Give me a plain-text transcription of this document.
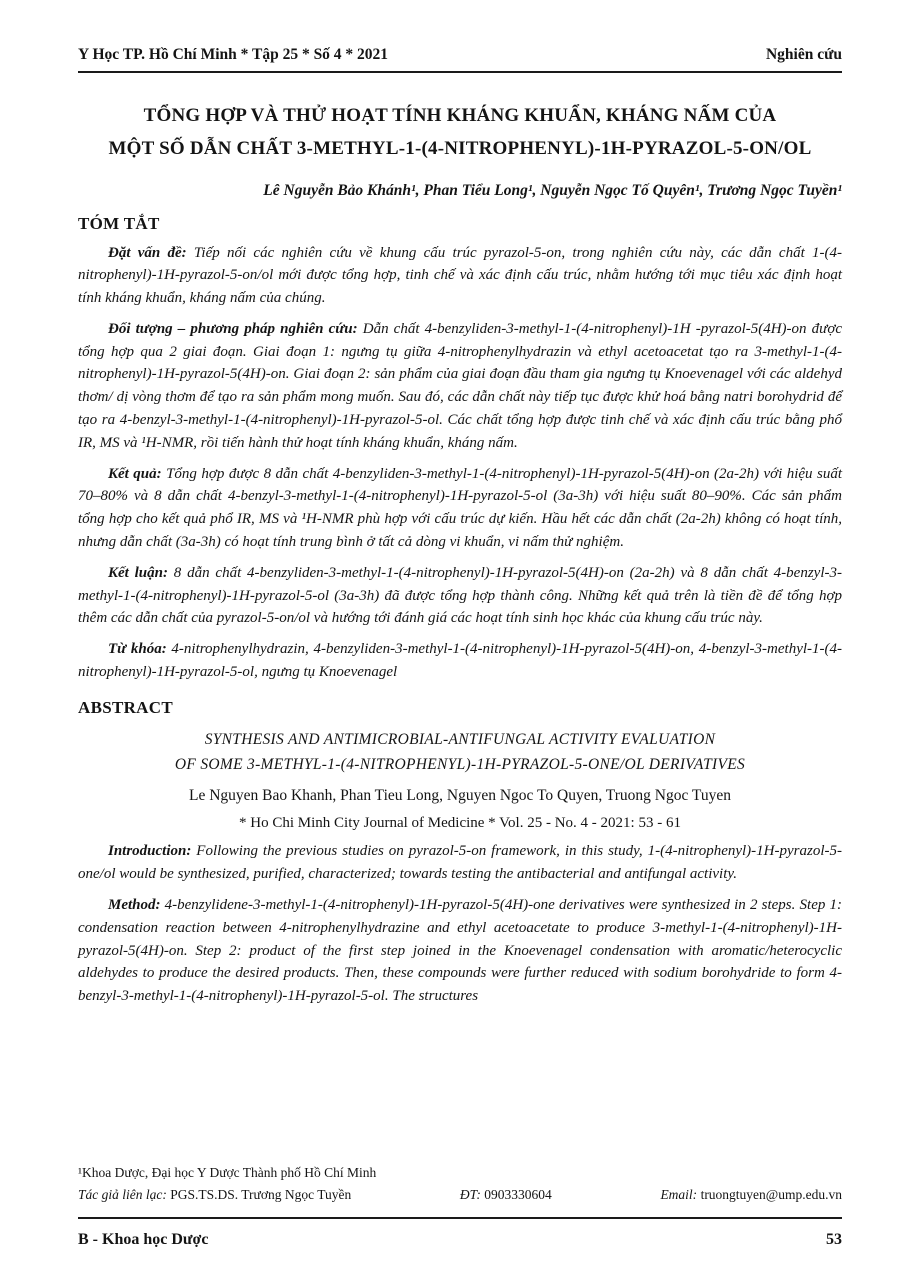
Y Học TP. Hồ Chí Minh * Tập 25 * Số 4 * 2021	Nghiên cứu
TỔNG HỢP VÀ THỬ HOẠT TÍNH KHÁNG KHUẨN, KHÁNG NẤM CỦA
MỘT SỐ DẪN CHẤT 3-METHYL-1-(4-NITROPHENYL)-1H-PYRAZOL-5-ON/OL
Lê Nguyễn Bảo Khánh¹, Phan Tiểu Long¹, Nguyễn Ngọc Tố Quyên¹, Trương Ngọc Tuyền¹
TÓM TẮT

Đặt vấn đề: Tiếp nối các nghiên cứu về khung cấu trúc pyrazol-5-on, trong nghiên cứu này, các dẫn chất 1-(4-nitrophenyl)-1H-pyrazol-5-on/ol mới được tổng hợp, tinh chế và xác định cấu trúc, nhằm hướng tới mục tiêu xác định hoạt tính kháng khuẩn, kháng nấm của chúng.

Đối tượng – phương pháp nghiên cứu: Dẫn chất 4-benzyliden-3-methyl-1-(4-nitrophenyl)-1H -pyrazol-5(4H)-on được tổng hợp qua 2 giai đoạn. Giai đoạn 1: ngưng tụ giữa 4-nitrophenylhydrazin và ethyl acetoacetat tạo ra 3-methyl-1-(4-nitrophenyl)-1H-pyrazol-5(4H)-on. Giai đoạn 2: sản phẩm của giai đoạn đầu tham gia ngưng tụ Knoevenagel với các aldehyd thơm/ dị vòng thơm để tạo ra sản phẩm mong muốn. Sau đó, các dẫn chất này tiếp tục được khử hoá bằng natri borohydrid để tạo ra 4-benzyl-3-methyl-1-(4-nitrophenyl)-1H-pyrazol-5-ol. Các chất tổng hợp được tinh chế và xác định cấu trúc bằng phổ IR, MS và ¹H-NMR, rồi tiến hành thử hoạt tính kháng khuẩn, kháng nấm.

Kết quả: Tổng hợp được 8 dẫn chất 4-benzyliden-3-methyl-1-(4-nitrophenyl)-1H-pyrazol-5(4H)-on (2a-2h) với hiệu suất 70–80% và 8 dẫn chất 4-benzyl-3-methyl-1-(4-nitrophenyl)-1H-pyrazol-5-ol (3a-3h) với hiệu suất 80–90%. Các sản phẩm tổng hợp cho kết quả phổ IR, MS và ¹H-NMR phù hợp với cấu trúc dự kiến. Hầu hết các dẫn chất (2a-2h) không có hoạt tính, nhưng dẫn chất (3a-3h) có hoạt tính trung bình ở tất cả dòng vi khuẩn, vi nấm thử nghiệm.

Kết luận: 8 dẫn chất 4-benzyliden-3-methyl-1-(4-nitrophenyl)-1H-pyrazol-5(4H)-on (2a-2h) và 8 dẫn chất 4-benzyl-3-methyl-1-(4-nitrophenyl)-1H-pyrazol-5-ol (3a-3h) đã được tổng hợp thành công. Những kết quả trên là tiền đề để tổng hợp thêm các dẫn chất của pyrazol-5-on/ol và hướng tới đánh giá các hoạt tính sinh học khác của khung cấu trúc này.

Từ khóa: 4-nitrophenylhydrazin, 4-benzyliden-3-methyl-1-(4-nitrophenyl)-1H-pyrazol-5(4H)-on, 4-benzyl-3-methyl-1-(4-nitrophenyl)-1H-pyrazol-5-ol, ngưng tụ Knoevenagel

ABSTRACT
SYNTHESIS AND ANTIMICROBIAL-ANTIFUNGAL ACTIVITY EVALUATION
OF SOME 3-METHYL-1-(4-NITROPHENYL)-1H-PYRAZOL-5-ONE/OL DERIVATIVES
Le Nguyen Bao Khanh, Phan Tieu Long, Nguyen Ngoc To Quyen, Truong Ngoc Tuyen
* Ho Chi Minh City Journal of Medicine * Vol. 25 - No. 4 - 2021: 53 - 61

Introduction: Following the previous studies on pyrazol-5-on framework, in this study, 1-(4-nitrophenyl)-1H-pyrazol-5-one/ol would be synthesized, purified, characterized; towards testing the antibacterial and antifungal activity.

Method: 4-benzylidene-3-methyl-1-(4-nitrophenyl)-1H-pyrazol-5(4H)-one derivatives were synthesized in 2 steps. Step 1: condensation reaction between 4-nitrophenylhydrazine and ethyl acetoacetate to produce 3-methyl-1-(4-nitrophenyl)-1H-pyrazol-5(4H)-on. Step 2: product of the first step joined in the Knoevenagel condensation with aromatic/heterocyclic aldehydes to produce the desired products. Then, these compounds were further reduced with sodium borohydride to form 4-benzyl-3-methyl-1-(4-nitrophenyl)-1H-pyrazol-5-ol. The structures

¹Khoa Dược, Đại học Y Dược Thành phố Hồ Chí Minh
Tác giả liên lạc: PGS.TS.DS. Trương Ngọc Tuyền	ĐT: 0903330604	Email: truongtuyen@ump.edu.vn
B - Khoa học Dược	53
